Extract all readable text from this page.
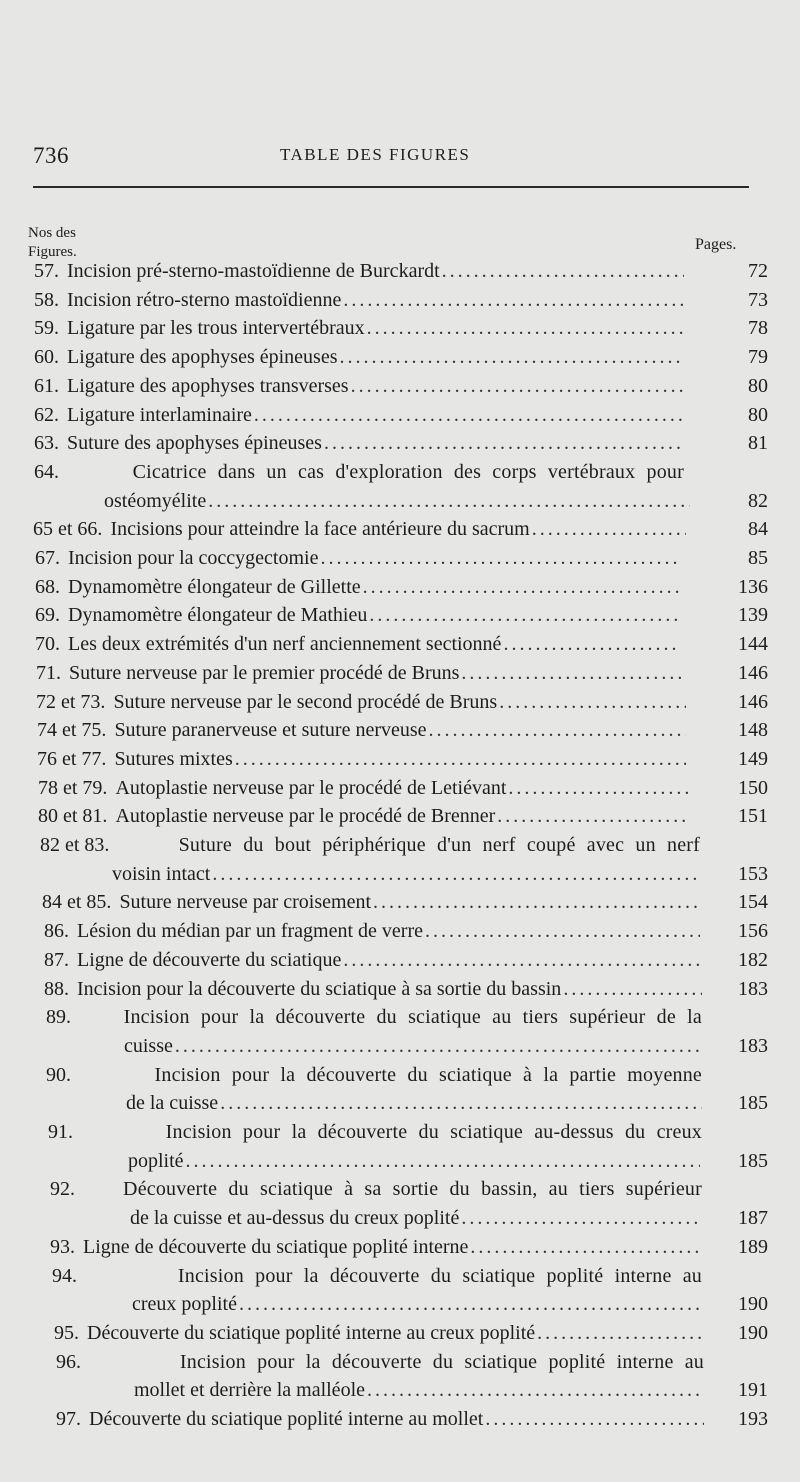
736	TABLE DES FIGURES
Nos des
Figures.	Pages.
57. Incision pré-sterno-mastoïdienne de Burckardt . . .	72
58. Incision rétro-sterno mastoïdienne . . .	73
59. Ligature par les trous intervertébraux . . .	78
60. Ligature des apophyses épineuses . . .	79
61. Ligature des apophyses transverses . . .	80
62. Ligature interlaminaire . . .	80
63. Suture des apophyses épineuses . . .	81
64.	Cicatrice dans un cas d'exploration des corps vertébraux pour
ostéomyélite . . .	82
65 et 66. Incisions pour atteindre la face antérieure du sacrum . . .	84
67. Incision pour la coccygectomie . . .	85
68. Dynamomètre élongateur de Gillette . . .	136
69. Dynamomètre élongateur de Mathieu . . .	139
70. Les deux extrémités d'un nerf anciennement sectionné . . .	144
71. Suture nerveuse par le premier procédé de Bruns . . .	146
72 et 73. Suture nerveuse par le second procédé de Bruns . . .	146
74 et 75. Suture paranerveuse et suture nerveuse . . .	148
76 et 77. Sutures mixtes . . .	149
78 et 79. Autoplastie nerveuse par le procédé de Letiévant . . .	150
80 et 81. Autoplastie nerveuse par le procédé de Brenner . . .	151
82 et 83.	Suture du bout périphérique d'un nerf coupé avec un nerf
voisin intact . . .	153
84 et 85. Suture nerveuse par croisement . . .	154
86. Lésion du médian par un fragment de verre . . .	156
87. Ligne de découverte du sciatique . . .	182
88. Incision pour la découverte du sciatique à sa sortie du bassin . . .	183
89.	Incision pour la découverte du sciatique au tiers supérieur de la
cuisse . . .	183
90.	Incision pour la découverte du sciatique à la partie moyenne
de la cuisse . . .	185
91.	Incision pour la découverte du sciatique au-dessus du creux
poplité . . .	185
92. Découverte du sciatique à sa sortie du bassin, au tiers supérieur
de la cuisse et au-dessus du creux poplité . . .	187
93. Ligne de découverte du sciatique poplité interne . . .	189
94.	Incision pour la découverte du sciatique poplité interne au
creux poplité . . .	190
95. Découverte du sciatique poplité interne au creux poplité . . .	190
96.	Incision pour la découverte du sciatique poplité interne au
mollet et derrière la malléole . . .	191
97. Découverte du sciatique poplité interne au mollet . . .	193
